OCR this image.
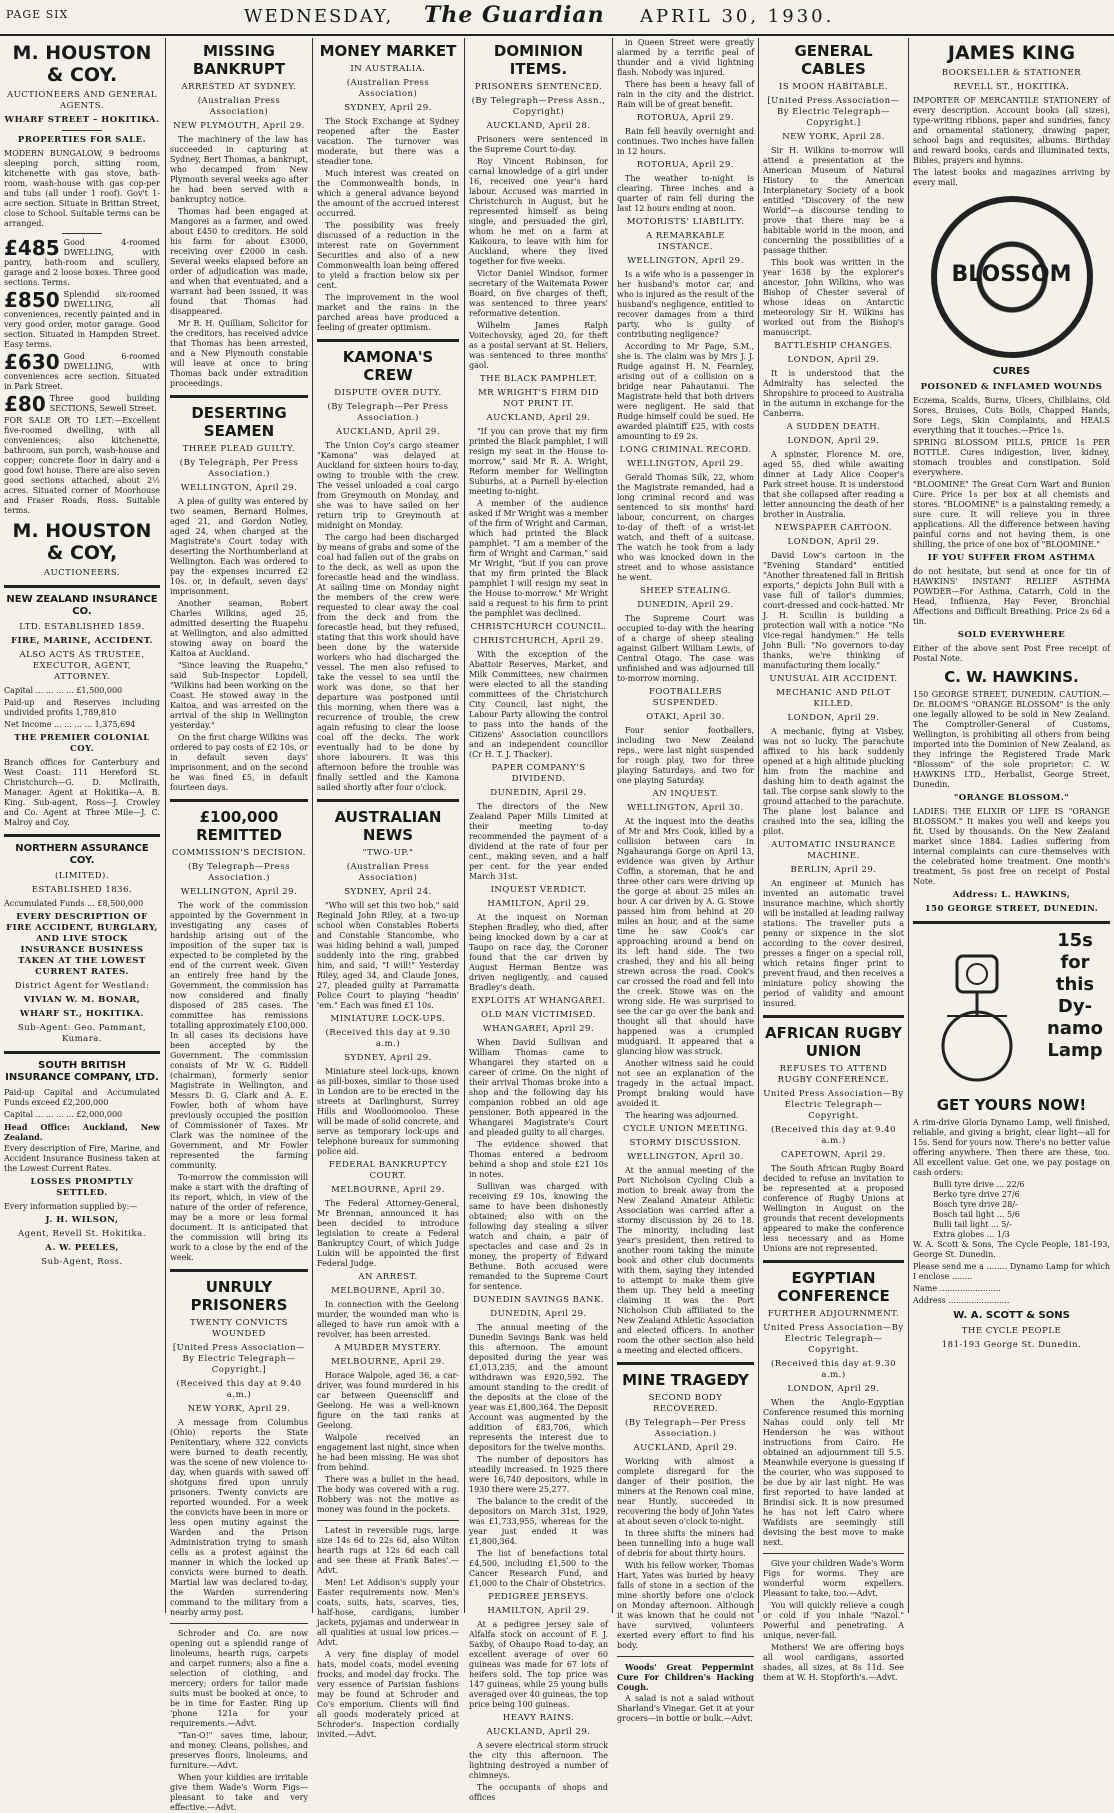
PAGE SIX	WEDNESDAY, The Guardian APRIL 30, 1930.
M. HOUSTON & COY.
AUCTIONEERS AND GENERAL AGENTS.
WHARF STREET – HOKITIKA.
PROPERTIES FOR SALE.

MODERN BUNGALOW, 9 bedrooms sleeping porch, sitting room, kitchenette with gas stove, bath-room, wash-house with gas cop-per and tubs (all under 1 roof). Gov't 1-acre section. Situate in Brittan Street, close to School. Suitable terms can be arranged.

£485 Good 4-roomed DWELLING, with pantry, bath-room and scullery, garage and 2 loose boxes. Three good sections. Terms.

£850 Splendid six-roomed DWELLING, all conveniences, recently painted and in very good order, motor garage. Good section. Situated in Hampden Street. Easy terms.

£630 Good 6-roomed DWELLING, with conveniences acre section. Situated in Park Street.

£80 Three good building SECTIONS, Sewell Street.

FOR SALE OR TO LET:—Excellent five-roomed dwelling, with all conveniences; also kitchenette, bathroom, sun porch, wash-house and copper; concrete floor in dairy and a good fowl house. There are also seven good sections attached, about 2½ acres. Situated corner of Moorhouse and Fraser Roads, Ross. Suitable terms.

M. HOUSTON & COY,
AUCTIONEERS.
NEW ZEALAND INSURANCE CO.
LTD. ESTABLISHED 1859.
FIRE, MARINE, ACCIDENT.
ALSO ACTS AS TRUSTEE, EXECUTOR, AGENT, ATTORNEY.

Capital ... ... ... ... £1,500,000

Paid-up and Reserves including undivided profits 1,789,810

Net Income ... ... ... ... 1,375,694

THE PREMIER COLONIAL COY.

Branch offices for Canterbury and West Coast: 111 Hereford St. Christchurch—G. D. McIlraith, Manager. Agent at Hokitika—A. B. King. Sub-agent, Ross—J. Crowley and Co. Agent at Three Mile—J. C. Malroy and Coy.

NORTHERN ASSURANCE COY.
(LIMITED).
ESTABLISHED 1836.

Accumulated Funds ... £8,500,000

EVERY DESCRIPTION OF FIRE ACCIDENT, BURGLARY, AND LIVE STOCK INSURANCE BUSINESS TAKEN AT THE LOWEST CURRENT RATES.
District Agent for Westland:
VIVIAN W. M. BONAR,
WHARF ST., HOKITIKA.
Sub-Agent: Geo. Pammant, Kumara.
SOUTH BRITISH INSURANCE COMPANY, LTD.

Paid-up Capital and Accumulated Funds exceed £2,200,000

Capital ... ... ... ... £2,000,000

Head Office: Auckland, New Zealand.

Every description of Fire, Marine, and Accident Insurance Business taken at the Lowest Current Rates.

LOSSES PROMPTLY SETTLED.

Every information supplied by:—

J. H. WILSON,
Agent, Revell St. Hokitika.
A. W. PEELES,
Sub-Agent, Ross.
MISSING BANKRUPT
ARRESTED AT SYDNEY.
(Australian Press Association)
NEW PLYMOUTH, April 29.

The machinery of the law has succeeded in capturing at Sydney, Bert Thomas, a bankrupt, who decamped from New Plymouth several weeks ago after he had been served with a bankruptcy notice.

Thomas had been engaged at Mangorei as a farmer, and owed about £450 to creditors. He sold his farm for about £3000, receiving over £2000 in cash. Several weeks elapsed before an order of adjudication was made, and when that eventuated, and a warrant had been issued, it was found that Thomas had disappeared.

Mr R. H. Quilliam, Solicitor for the creditors, has received advice that Thomas has been arrested, and a New Plymouth constable will leave at once to bring Thomas back under extradition proceedings.

DESERTING SEAMEN
THREE PLEAD GUILTY.
(By Telegraph, Per Press Association.)
WELLINGTON, April 29.

A plea of guilty was entered by two seamen, Bernard Holmes, aged 21, and Gordon Notley, aged 24, when charged at the Magistrate's Court today with deserting the Northumberland at Wellington. Each was ordered to pay the expenses incurred £2 10s. or, in default, seven days' imprisonment.

Another seaman, Robert Charles Wilkins, aged 25, admitted deserting the Ruapehu at Wellington, and also admitted stowing away on board the Kaitoa at Auckland.

"Since leaving the Ruapehu," said Sub-Inspector Lopdell, "Wilkins had been working on the Coast. He stowed away in the Kaitoa, and was arrested on the arrival of the ship in Wellington yesterday."

On the first charge Wilkins was ordered to pay costs of £2 10s, or in default seven days' imprisonment, and on the second he was fined £5, in default fourteen days.

£100,000 REMITTED
COMMISSION'S DECISION.
(By Telegraph—Press Association.)
WELLINGTON, April 29.

The work of the commission appointed by the Government in investigating any cases of hardship arising out of the imposition of the super tax is expected to be completed by the end of the current week. Given an entirely free hand by the Government, the commission has now considered and finally disposed of 285 cases. The committee has remissions totalling approximately £100,000. In all cases its decisions have been accepted by the Government. The commission consists of Mr W. G. Riddell (chairman), formerly senior Magistrate in Wellington, and Messrs D. G. Clark and A. E. Fowler, both of whom have previously occupied the position of Commissioner of Taxes. Mr Clark was the nominee of the Government, and Mr Fowler represented the farming community.

To-morrow the commission will make a start with the drafting of its report, which, in view of the nature of the order of reference, may be a more or less formal document. It is anticipated that the commission will bring its work to a close by the end of the week.

UNRULY PRISONERS
TWENTY CONVICTS WOUNDED
[United Press Association—By Electric Telegraph—Copyright.]
(Received this day at 9.40 a.m.)
NEW YORK, April 29.

A message from Columbus (Ohio) reports the State Penitentiary, where 322 convicts were burned to death recently, was the scene of new violence to-day, when guards with sawed off shotguns fired upon unruly prisoners. Twenty convicts are reported wounded. For a week the convicts have been in more or less open mutiny against the Warden and the Prison Administration trying to smash cells as a protest against the manner in which the locked up convicts were burned to death. Martial law was declared to-day, the Warden surrendering command to the military from a nearby army post.

Schroder and Co. are now opening out a splendid range of linoleums, hearth rugs, carpets and carpet runners; also a fine a selection of clothing, and mercery; orders for tailor made suits must be booked at once, to be in time for Easter. Ring up 'phone 121a for your requirements.—Advt.

"Tan-O!" saves time, labour, and money. Cleans, polishes, and preserves floors, linoleums, and furniture.—Advt.

When your kiddies are irritable give them Wade's Worm Figs—pleasant to take and very effective.—Advt.

MONEY MARKET
IN AUSTRALIA.
(Australian Press Association)
SYDNEY, April 29.

The Stock Exchange at Sydney reopened after the Easter vacation. The turnover was moderate, but there was a steadier tone.

Much interest was created on the Commonwealth bonds, in which a general advance beyond the amount of the accrued interest occurred.

The possibility was freely discussed of a reduction in the interest rate on Government Securities and also of a new Commonwealth loan being offered to yield a fraction below six per cent.

The improvement in the wool market and the rains in the parched areas have produced a feeling of greater optimism.

KAMONA'S CREW
DISPUTE OVER DUTY.
(By Telegraph—Per Press Association.)
AUCKLAND, April 29.

The Union Coy's cargo steamer "Kamona" was delayed at Auckland for sixteen hours to-day, owing to trouble with the crew. The vessel unloaded a coal cargo from Greymouth on Monday, and she was to have sailed on her return trip to Greymouth at midnight on Monday.

The cargo had been discharged by means of grabs and some of the coal had fallen out of the grabs on to the deck, as well as upon the forecastle head and the windlass. At sailing time on Monday night the members of the crew were requested to clear away the coal from the deck and from the forecastle head, but they refused, stating that this work should have been done by the waterside workers who had discharged the vessel. The men also refused to take the vessel to sea until the work was done, so that her departure was postponed until this morning, when there was a recurrence of trouble, the crew again refusing to clear the loose coal off the decks. The work eventually had to be done by shore labourers. It was this afternoon before the trouble was finally settled and the Kamona sailed shortly after four o'clock.

AUSTRALIAN NEWS
"TWO-UP."
(Australian Press Association)
SYDNEY, April 24.

"Who will set this two bob," said Reginald John Riley, at a two-up school when Constables Roberts and Constable Stancombe, who was hiding behind a wall, jumped suddenly into the ring, grabbed him, and said, "I will!" Yesterday Riley, aged 34, and Claude Jones, 27, pleaded guilty at Parramatta Police Court to playing "headin' 'em." Each was fined £1 10s.

MINIATURE LOCK-UPS.
(Received this day at 9.30 a.m.)
SYDNEY, April 29.

Miniature steel lock-ups, known as pill-boxes, similar to those used in London are to be erected in the streets at Darlinghurst, Surrey Hills and Woolloomooloo. These will be made of solid concrete, and serve as temporary lock-ups and telephone bureaux for summoning police aid.

FEDERAL BANKRUPTCY COURT.
MELBOURNE, April 29.

The Federal Attorney-General, Mr Brennan, announced it has been decided to introduce legislation to create a Federal Bankruptcy Court, of which Judge Lukin will be appointed the first Federal Judge.

AN ARREST.
MELBOURNE, April 30.

In connection with the Geelong murder, the wounded man who is alleged to have run amok with a revolver, has been arrested.

A MURDER MYSTERY.
MELBOURNE, April 29.

Horace Walpole, aged 36, a car-driver, was found murdered in his car between Queenscliff and Geelong. He was a well-known figure on the taxi ranks at Geelong.

Walpole received an engagement last night, since when he had been missing. He was shot from behind.

There was a bullet in the head. The body was covered with a rug. Robbery was not the motive as money was found in the pockets.

Latest in reversible rugs, large size 14s 6d to 22s 6d, also Wilton hearth rugs at 12s 6d each call and see these at Frank Bates'.—Advt.

Men! Let Addison's supply your Easter requirements now. Men's coats, suits, hats, scarves, ties, half-hose, cardigans, lumber jackets, pyjamas and underwear in all qualities at usual low prices.—Advt.

A very fine display of model hats, model coats, model evening frocks, and model day frocks. The very essence of Parisian fashions may be found at Schroder and Co's emporium. Clients will find all goods moderately priced at Schroder's. Inspection cordially invited.—Advt.

DOMINION ITEMS.
PRISONERS SENTENCED.
(By Telegraph—Press Assn., Copyright)
AUCKLAND, April 28.

Prisoners were sentenced in the Supreme Court to-day.

Roy Vincent Robinson, for carnal knowledge of a girl under 16, received one year's hard labour. Accused was married in Christchurch in August, but he represented himself as being single, and persuaded the girl, whom he met on a farm at Kaikoura, to leave with him for Auckland, where they lived together for five weeks.

Victor Daniel Windsor, former secretary of the Waitemata Power Board, on five charges of theft, was sentenced to three years' reformative detention.

Wilhelm James Ralph Voitechovsky, aged 20, for theft as a postal servant at St. Heliers, was sentenced to three months' gaol.

THE BLACK PAMPHLET.
MR WRIGHT'S FIRM DID NOT PRINT IT.
AUCKLAND, April 29.

"If you can prove that my firm printed the Black pamphlet, I will resign my seat in the House to-morrow," said Mr R. A. Wright, Reform member for Wellington Suburbs, at a Parnell by-election meeting to-night.

A member of the audience asked if Mr Wright was a member of the firm of Wright and Carman, which had printed the Black pamphlet. "I am a member of the firm of Wright and Carman," said Mr Wright, "but if you can prove that my firm printed the Black pamphlet I will resign my seat in the House to-morrow." Mr Wright said a request to his firm to print the pamphlet was declined.

CHRISTCHURCH COUNCIL.
CHRISTCHURCH, April 29.

With the exception of the Abattoir Reserves, Market, and Milk Committees, new chairmen were elected to all the standing committees of the Christchurch City Council, last night, the Labour Party allowing the control to pass into the hands of the Citizens' Association councillors and an independent councillor (Cr H. T. J. Thacker).

PAPER COMPANY'S DIVIDEND.
DUNEDIN, April 29.

The directors of the New Zealand Paper Mills Limited at their meeting to-day recommended the payment of a dividend at the rate of four per cent., making seven, and a half per cent. for the year ended March 31st.

INQUEST VERDICT.
HAMILTON, April 29.

At the inquest on Norman Stephen Bradley, who died, after being knocked down by a car at Taupo on race day, the Coroner found that the car driven by August Herman Bentze was driven negligently, and caused Bradley's death.

EXPLOITS AT WHANGAREI.
OLD MAN VICTIMISED.
WHANGAREI, April 29.

When David Sullivan and William Thomas came to Whangarei they started on a career of crime. On the night of their arrival Thomas broke into a shop and the following day his companion robbed an old age pensioner. Both appeared in the Whangarei Magistrate's Court and pleaded guilty to all charges.

The evidence showed that Thomas entered a bedroom behind a shop and stole £21 10s in notes.

Sullivan was charged with receiving £9 10s, knowing the same to have been dishonestly obtained; also with on the following day stealing a silver watch and chain, a pair of spectacles and case and 2s in money, the property of Edward Bethune. Both accused were remanded to the Supreme Court for sentence.

DUNEDIN SAVINGS BANK.
DUNEDIN, April 29.

The annual meeting of the Dunedin Savings Bank was held this afternoon. The amount deposited during the year was £1,013,235, and the amount withdrawn was £920,592. The amount standing to the credit of the deposits at the close of the year was £1,800,364. The Deposit Account was augmented by the addition of £83,706, which represents the interest due to depositors for the twelve months.

The number of depositors has steadily increased. In 1925 there were 16,740 depositors, while in 1930 there were 25,277.

The balance to the credit of the depositors on March 31st, 1929, was £1,733,955, whereas for the year just ended it was £1,800,364.

The list of benefactions total £4,500, including £1,500 to the Cancer Research Fund, and £1,000 to the Chair of Obstetrics.

PEDIGREE JERSEYS.
HAMILTON, April 29.

At a pedigree jersey sale of Alfalfa stock on account of F. J. Saxby, of Ohaupo Road to-day, an excellent average of over 60 guineas was made for 67 lots of heifers sold. The top price was 147 guineas, while 25 young bulls averaged over 40 guineas, the top price being 100 guineas.

HEAVY RAINS.
AUCKLAND, April 29.

A severe electrical storm struck the city this afternoon. The lightning destroyed a number of chimneys.

The occupants of shops and offices

in Queen Street were greatly alarmed by a terrific peal of thunder and a vivid lightning flash. Nobody was injured.

There has been a heavy fall of rain in the city and the district. Rain will be of great benefit.

ROTORUA, April 29.

Rain fell heavily overnight and continues. Two inches have fallen in 12 hours.

ROTORUA, April 29.

The weather to-night is clearing. Three inches and a quarter of rain fell during the last 12 hours ending at noon.

MOTORISTS' LIABILITY.
A REMARKABLE INSTANCE.
WELLINGTON, April 29.

Is a wife who is a passenger in her husband's motor car, and who is injured as the result of the husband's negligence, entitled to recover damages from a third party, who is guilty of contributing negligence?

According to Mr Page, S.M., she is. The claim was by Mrs J. J. Rudge against H. N. Fearnley, arising out of a collision on a bridge near Pahautanui. The Magistrate held that both drivers were negligent. He said that Rudge himself could be sued. He awarded plaintiff £25, with costs amounting to £9 2s.

LONG CRIMINAL RECORD.
WELLINGTON, April 29.

Gerald Thomas Silk, 22, whom the Magistrate remanded, had a long criminal record and was sentenced to six months' hard labour, concurrent, on charges to-day of theft of a wrist-let watch, and theft of a suitcase. The watch he took from a lady who was knocked down in the street and to whose assistance he went.

SHEEP STEALING.
DUNEDIN, April 29.

The Supreme Court was occupied to-day with the hearing of a charge of sheep stealing against Gilbert William Lewis, of Central Otago. The case was unfinished and was adjourned till to-morrow morning.

FOOTBALLERS SUSPENDED.
OTAKI, April 30.

Four senior footballers, including two New Zealand reps., were last night suspended for rough play, two for three playing Saturdays, and two for one playing Saturday.

AN INQUEST.
WELLINGTON, April 30.

At the inquest into the deaths of Mr and Mrs Cook, killed by a collision between cars in Ngahauranga Gorge on April 13, evidence was given by Arthur Coffin, a storeman, that he and three other cars were driving up the gorge at about 25 miles an hour. A car driven by A. G. Stowe passed him from behind at 20 miles an hour, and at the same time he saw Cook's car approaching around a bend on its left hand side. The two crashed, they and his all being strewn across the road. Cook's car crossed the road and fell into the creek. Stowe was on the wrong side. He was surprised to see the car go over the bank and thought all that should have happened was a crumpled mudguard. It appeared that a glancing blow was struck.

Another witness said he could not see an explanation of the tragedy in the actual impact. Prompt braking would have avoided it.

The hearing was adjourned.

CYCLE UNION MEETING.
STORMY DISCUSSION.
WELLINGTON, April 30.

At the annual meeting of the Port Nicholson Cycling Club a motion to break away from the New Zealand Amateur Athletic Association was carried after a stormy discussion by 26 to 18. The minority, including last year's president, then retired to another room taking the minute book and other club documents with them, saying they intended to attempt to make them give them up. They held a meeting claiming it was the Port Nicholson Club affiliated to the New Zealand Athletic Association and elected officers. In another room the other section also held a meeting and elected officers.

MINE TRAGEDY
SECOND BODY RECOVERED.
(By Telegraph—Per Press Association.)
AUCKLAND, April 29.

Working with almost a complete disregard for the danger of their position, the miners at the Renown coal mine, near Huntly, succeeded in recovering the body of John Yates at about seven o'clock to-night.

In three shifts the miners had been tunnelling into a huge wall of debris for about thirty hours.

With his fellow worker, Thomas Hart, Yates was buried by heavy falls of stone in a section of the mine shortly before one o'clock on Monday afternoon. Although it was known that he could not have survived, volunteers exerted every effort to find his body.

Woods' Great Peppermint Cure For Children's Hacking Cough.

A salad is not a salad without Sharland's Vinegar. Get it at your grocers—in bottle or bulk.—Advt.

GENERAL CABLES
IS MOON HABITABLE.
[United Press Association—By Electric Telegraph—Copyright.]
NEW YORK, April 28.

Sir H. Wilkins to-morrow will attend a presentation at the American Museum of Natural History to the American Interplanetary Society of a book entitled "Discovery of the new World"—a discourse tending to prove that there may be a habitable world in the moon, and concerning the possibilities of a passage thither.

This book was written in the year 1638 by the explorer's ancestor, John Wilkins, who was Bishop of Chester several of whose ideas on Antarctic meteorology Sir H. Wilkins has worked out from the Bishop's manuscript.

BATTLESHIP CHANGES.
LONDON, April 29.

It is understood that the Admiralty has selected the Shropshire to proceed to Australia in the autumn in exchange for the Canberra.

A SUDDEN DEATH.
LONDON, April 29.

A spinster, Florence M. ore, aged 55, died while awaiting dinner at Lady Alice Cooper's Park street house. It is understood that she collapsed after reading a letter announcing the death of her brother in Australia.

NEWSPAPER CARTOON.
LONDON, April 29.

David Low's cartoon in the "Evening Standard" entitled "Another threatened fall in British exports," depicts John Bull with a vase full of tailor's dummies, court-dressed and cock-hatted. Mr J. H. Scullin is building a protection wall with a notice "No vice-regal handymen." He tells John Bull: "No governors to-day thanks, we're thinking of manufacturing them locally."

UNUSUAL AIR ACCIDENT.
MECHANIC AND PILOT KILLED.
LONDON, April 29.

A mechanic, flying at Visbey, was not so lucky. The parachute affixed to his back suddenly opened at a high altitude plucking him from the machine and dashing him to death against the tail. The corpse sank slowly to the ground attached to the parachute. The plane lost balance and crashed into the sea, killing the pilot.

AUTOMATIC INSURANCE MACHINE.
BERLIN, April 29.

An engineer at Munich has invented an automatic travel insurance machine, which shortly will be installed at leading railway stations. The traveller puts a penny or sixpence in the slot according to the cover desired, presses a finger on a special roll, which retains finger print to prevent fraud, and then receives a miniature policy showing the period of validity and amount insured.

AFRICAN RUGBY UNION
REFUSES TO ATTEND RUGBY CONFERENCE.
United Press Association—By Electric Telegraph—Copyright.
(Received this day at 9.40 a.m.)
CAPETOWN, April 29.

The South African Rugby Board decided to refuse an invitation to be represented at a proposed conference of Rugby Unions at Wellington in August on the grounds that recent developments appeared to make the conference less necessary and as Home Unions are not represented.

EGYPTIAN CONFERENCE
FURTHER ADJOURNMENT.
United Press Association—By Electric Telegraph—Copyright.
(Received this day at 9.30 a.m.)
LONDON, April 29.

When the Anglo-Egyptian Conference resumed this morning Nahas could only tell Mr Henderson he was without instructions from Cairo. He obtained an adjournment till 5.5. Meanwhile everyone is guessing if the courier, who was supposed to be due by air last night. He was first reported to have landed at Brindisi sick. It is now presumed he has not left Cairo where Wafdists are seemingly still devising the best move to make next.

Give your children Wade's Worm Figs for worms. They are wonderful worm expellers. Pleasant to take, too.—Advt.

You will quickly relieve a cough or cold if you inhale "Nazol." Powerful and penetrating. A unique, never-fail.

Mothers! We are offering boys all wool cardigans, assorted shades, all sizes, at 8s 11d. See them at W. H. Stopforth's.—Advt.

JAMES KING
BOOKSELLER & STATIONER
REVELL ST., HOKITIKA.

IMPORTER OF MERCANTILE STATIONERY of every description. Account books (all sizes), type-writing ribbons, paper and sundries, fancy and ornamental stationery, drawing paper, school bags and requisites, albums. Birthday and reward books, cards and illuminated texts, Bibles, prayers and hymns.

The latest books and magazines arriving by every mail.

BLOSSOM
CURES
POISONED & INFLAMED WOUNDS

Eczema, Scalds, Burns, Ulcers, Chilblains, Old Sores, Bruises, Cuts Boils, Chapped Hands, Sore Legs, Skin Complaints, and HEALS everything that it touches.—Price 1s.

SPRING BLOSSOM PILLS, PRICE 1s PER BOTTLE. Cures indigestion, liver, kidney, stomach troubles and constipation. Sold everywhere.

"BLOOMINE" The Great Corn Wart and Bunion Cure. Price 1s per box at all chemists and stores. "BLOOMINE" is a painstaking remedy, a sure cure. It will relieve you in three applications. All the difference between having painful corns and not having them, is one shilling, the price of one box of "BLOOMINE."

IF YOU SUFFER FROM ASTHMA

do not hesitate, but send at once for tin of HAWKINS' INSTANT RELIEF ASTHMA POWDER—For Asthma, Catarrh, Cold in the Head, Influenza, Hay Fever, Bronchial Affections and Difficult Breathing. Price 2s 6d a tin.

SOLD EVERYWHERE

Either of the above sent Post Free receipt of Postal Note.

C. W. HAWKINS.

150 GEORGE STREET, DUNEDIN. CAUTION.—Dr. BLOOM'S "ORANGE BLOSSOM" is the only one legally allowed to be sold in New Zealand. The Comptroller-General of Customs, Wellington, is prohibiting all others from being imported into the Dominion of New Zealand, as they infringe the Registered Trade Mark "Blossom" of the sole proprietor: C. W. HAWKINS LTD., Herbalist, George Street, Dunedin.

"ORANGE BLOSSOM."

LADIES: THE ELIXIR OF LIFE IS "ORANGE BLOSSOM." It makes you well and keeps you fit. Used by thousands. On the New Zealand market since 1884. Ladies suffering from internal complaints can cure themselves with the celebrated home treatment. One month's treatment, 5s post free on receipt of Postal Note.

Address: L. HAWKINS,
150 GEORGE STREET, DUNEDIN.
15s
for
this
Dy-
namo
Lamp
GET YOURS NOW!

A rim-drive Gloria Dynamo Lamp, well finished, reliable, and giving a bright, clear light—all for 15s. Send for yours now. There's no better value offering anywhere. Then there are these, too. All excellent value. Get one, we pay postage on cash orders:

Bulli tyre drive ... 22/6
Berko tyre drive 27/6
Bosch tyre drive 28/-
Bosch tail light ... 5/6
Bulli tail light ... 5/-
Extra globes ... 1/3

W. A. Scott & Sons, The Cycle People, 181-193, George St. Dunedin.

Please send me a ........ Dynamo Lamp for which I enclose ........

Name ........................

Address ........................

W. A. SCOTT & SONS
THE CYCLE PEOPLE
181-193 George St. Dunedin.
